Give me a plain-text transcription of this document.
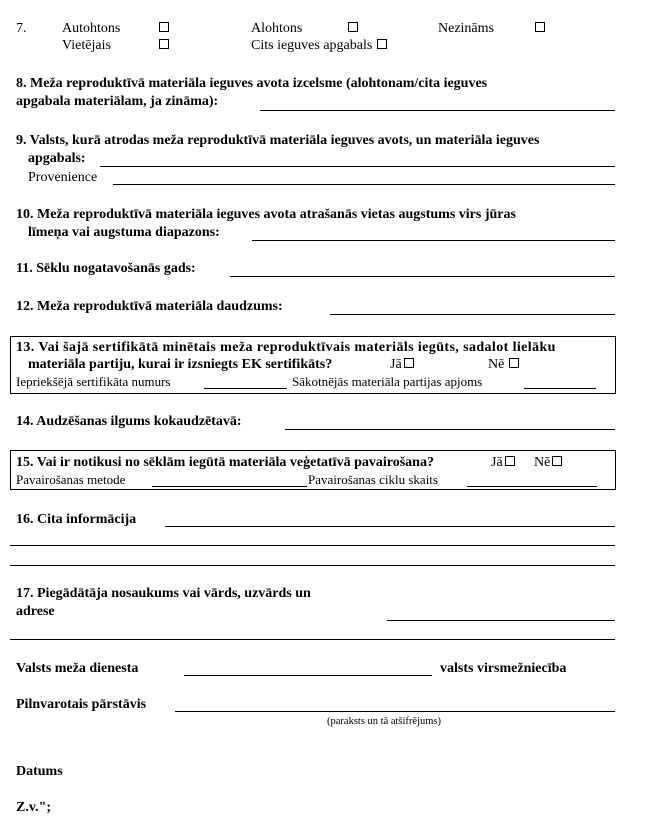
7.	Autohtons	Alohtons	Nezināms
Vietējais	Cits ieguves apgabals
8. Meža reproduktīvā materiāla ieguves avota izcelsme (alohtonam/cita ieguves
apgabala materiālam, ja zināma):
9. Valsts, kurā atrodas meža reproduktīvā materiāla ieguves avots, un materiāla ieguves
apgabals:
Provenience
10. Meža reproduktīvā materiāla ieguves avota atrašanās vietas augstums virs jūras
līmeņa vai augstuma diapazons:
11. Sēklu nogatavošanās gads:
12. Meža reproduktīvā materiāla daudzums:
13. Vai šajā sertifikātā minētais meža reproduktīvais materiāls iegūts, sadalot lielāku
materiāla partiju, kurai ir izsniegts EK sertifikāts?	Jā	Nē
Iepriekšējā sertifikāta numurs	Sākotnējās materiāla partijas apjoms
14. Audzēšanas ilgums kokaudzētavā:
15. Vai ir notikusi no sēklām iegūtā materiāla veģetatīvā pavairošana?	Jā	Nē
Pavairošanas metode	Pavairošanas ciklu skaits
16. Cita informācija
17. Piegādātāja nosaukums vai vārds, uzvārds un
adrese
Valsts meža dienesta	valsts virsmežniecība
Pilnvarotais pārstāvis
(paraksts un tā atšifrējums)
Datums
Z.v.";
